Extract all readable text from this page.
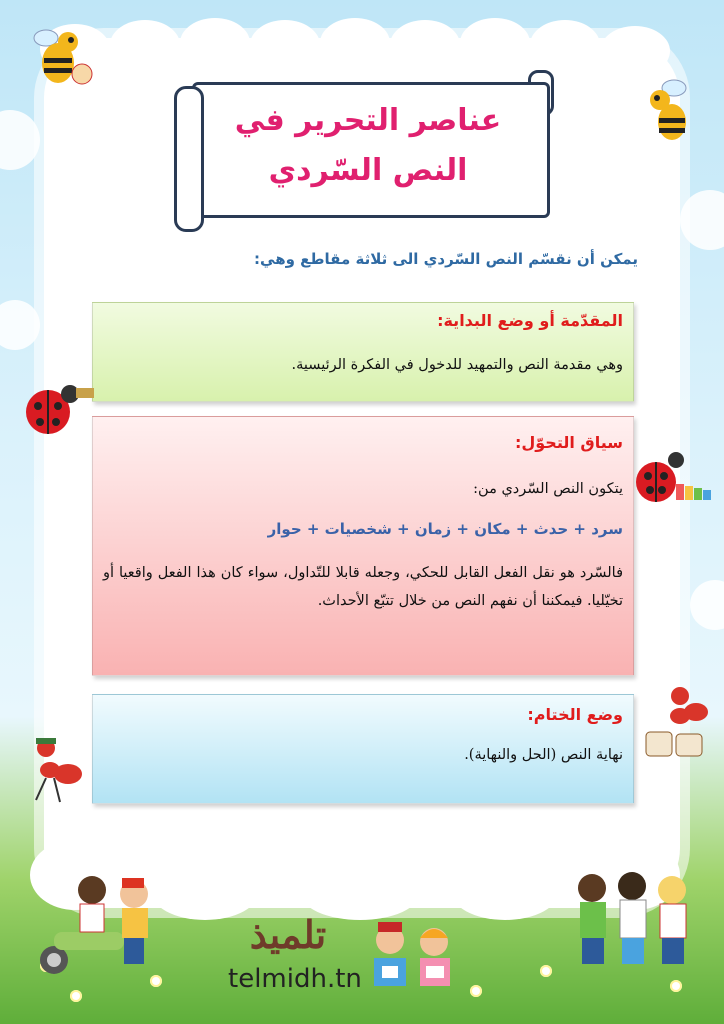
عناصر التحرير في
النص السّردي
يمكن أن نقسّم النص السّردي الى ثلاثة مقاطع وهي:
المقدّمة أو وضع البداية:

وهي مقدمة النص والتمهيد للدخول في الفكرة الرئيسية.

سياق التحوّل:

يتكون النص السّردي من:

سرد + حدث + مكان + زمان + شخصيات + حوار

فالسّرد هو نقل الفعل القابل للحكي، وجعله قابلا للتّداول، سواء كان هذا الفعل واقعيا أو تخيّليا. فيمكننا أن نفهم النص من خلال تتبّع الأحداث.

وضع الختام:

نهاية النص (الحل والنهاية).

تلميذ
telmidh.tn
